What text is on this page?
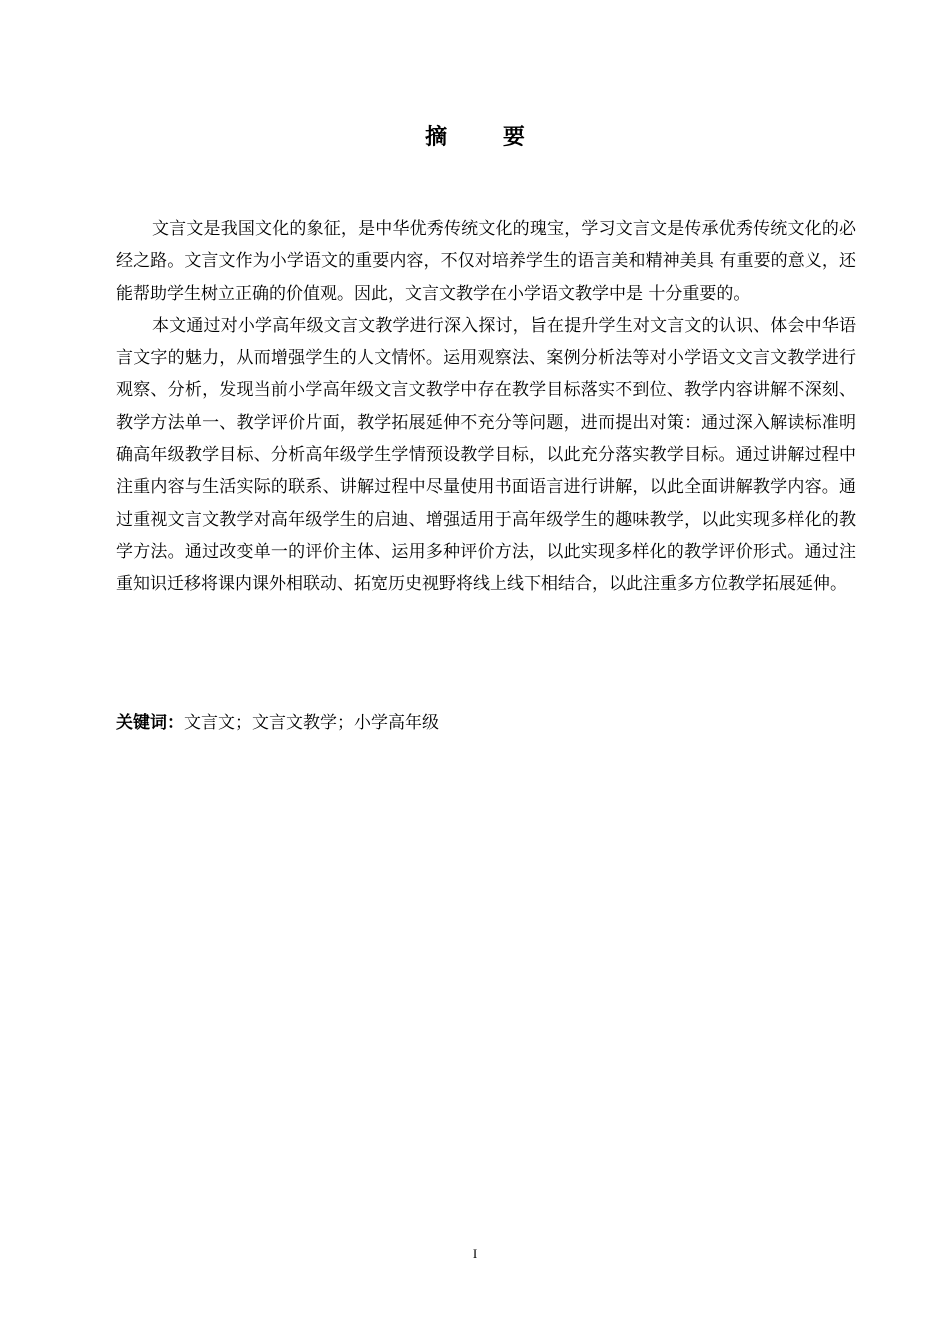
摘 要

文言文是我国文化的象征，是中华优秀传统文化的瑰宝，学习文言文是传承优秀传统文化的必经之路。文言文作为小学语文的重要内容，不仅对培养学生的语言美和精神美具 有重要的意义，还能帮助学生树立正确的价值观。因此，文言文教学在小学语文教学中是 十分重要的。

本文通过对小学高年级文言文教学进行深入探讨，旨在提升学生对文言文的认识、体会中华语言文字的魅力，从而增强学生的人文情怀。运用观察法、案例分析法等对小学语文文言文教学进行观察、分析，发现当前小学高年级文言文教学中存在教学目标落实不到位、教学内容讲解不深刻、教学方法单一、教学评价片面，教学拓展延伸不充分等问题，进而提出对策：通过深入解读标准明确高年级教学目标、分析高年级学生学情预设教学目标，以此充分落实教学目标。通过讲解过程中注重内容与生活实际的联系、讲解过程中尽量使用书面语言进行讲解，以此全面讲解教学内容。通过重视文言文教学对高年级学生的启迪、增强适用于高年级学生的趣味教学，以此实现多样化的教学方法。通过改变单一的评价主体、运用多种评价方法，以此实现多样化的教学评价形式。通过注重知识迁移将课内课外相联动、拓宽历史视野将线上线下相结合，以此注重多方位教学拓展延伸。

关键词：文言文；文言文教学；小学高年级
I
